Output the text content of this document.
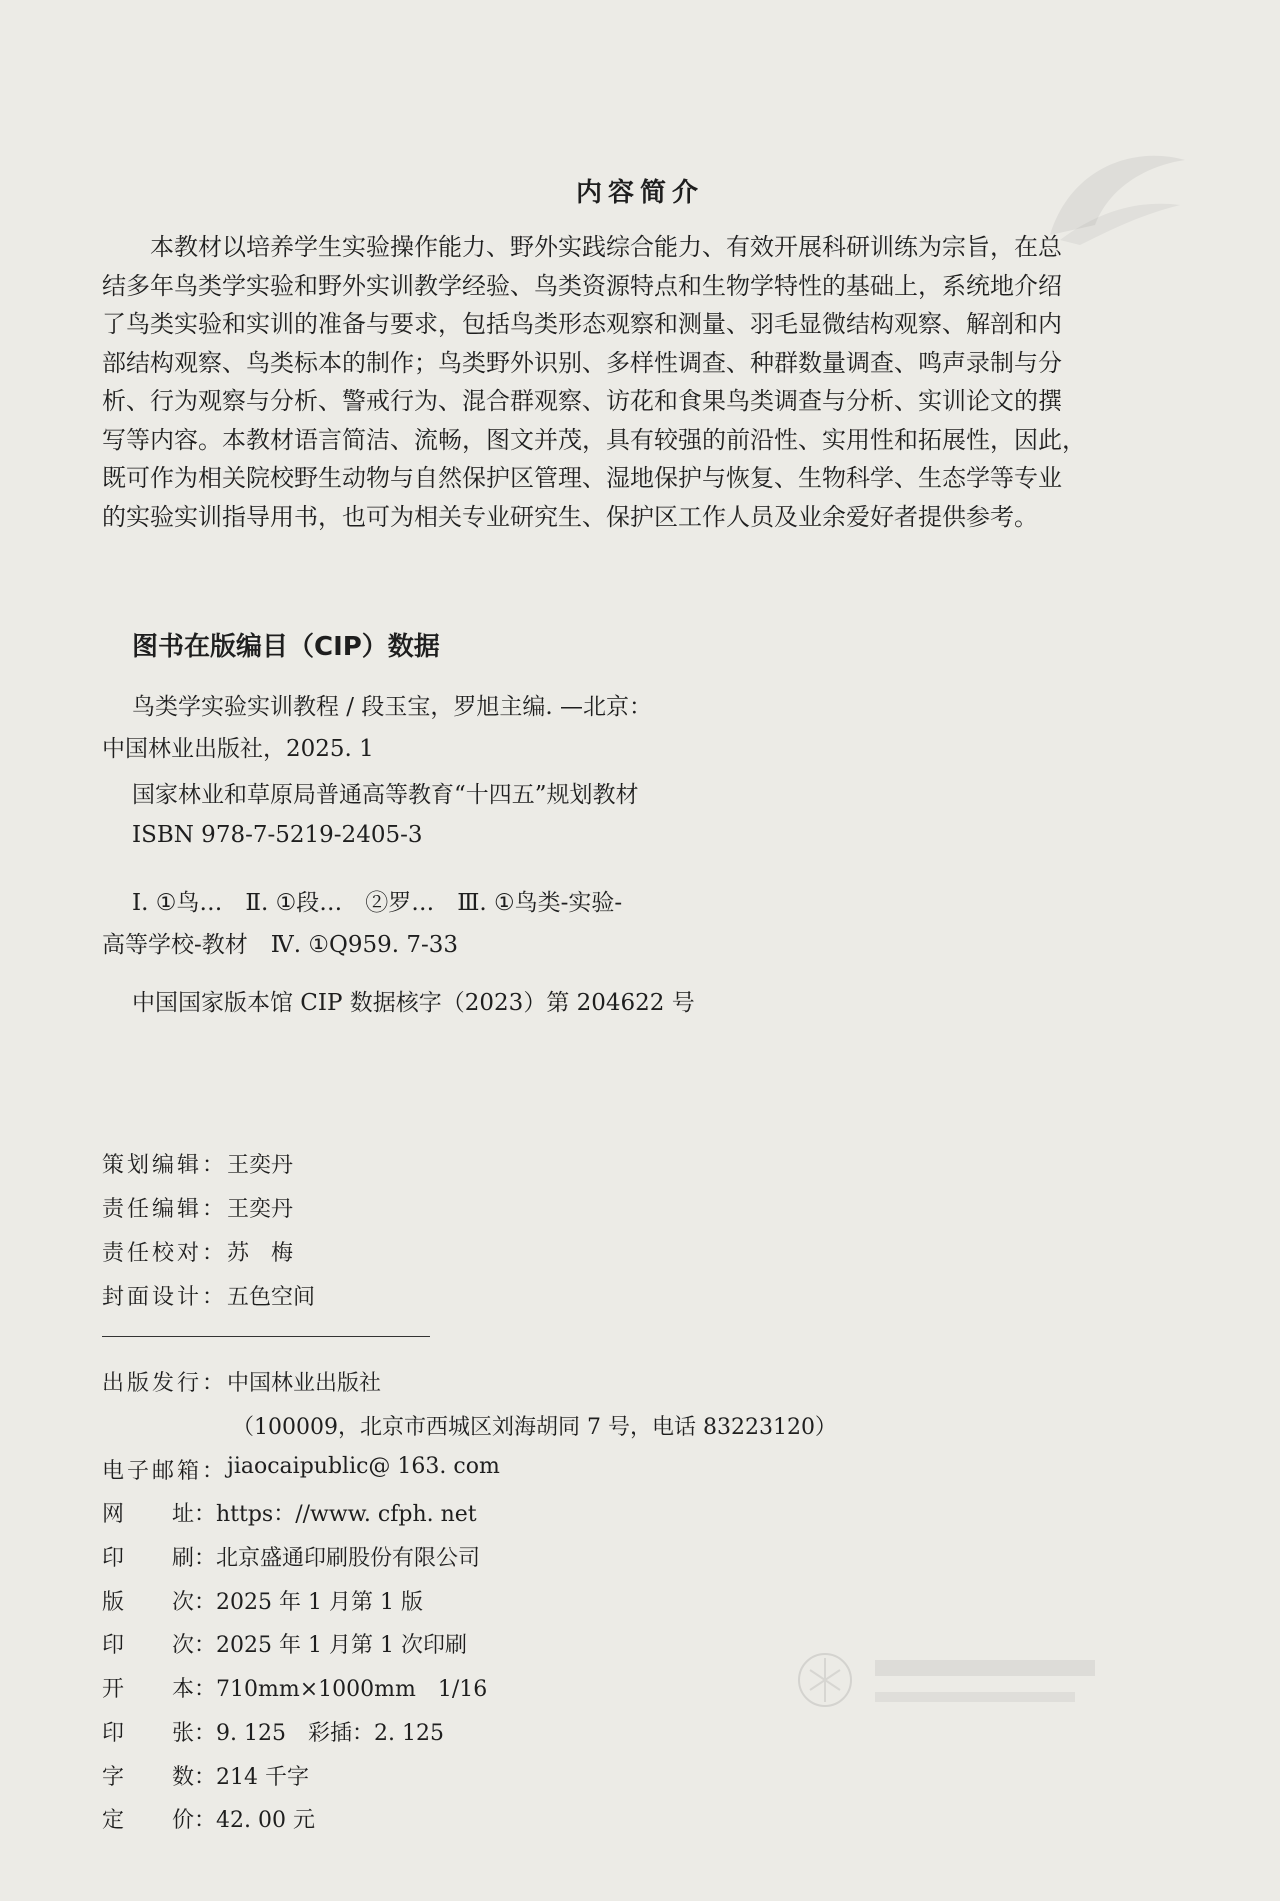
内容简介

本教材以培养学生实验操作能力、野外实践综合能力、有效开展科研训练为宗旨，在总
结多年鸟类学实验和野外实训教学经验、鸟类资源特点和生物学特性的基础上，系统地介绍
了鸟类实验和实训的准备与要求，包括鸟类形态观察和测量、羽毛显微结构观察、解剖和内
部结构观察、鸟类标本的制作；鸟类野外识别、多样性调查、种群数量调查、鸣声录制与分
析、行为观察与分析、警戒行为、混合群观察、访花和食果鸟类调查与分析、实训论文的撰
写等内容。本教材语言简洁、流畅，图文并茂，具有较强的前沿性、实用性和拓展性，因此，
既可作为相关院校野生动物与自然保护区管理、湿地保护与恢复、生物科学、生态学等专业
的实验实训指导用书，也可为相关专业研究生、保护区工作人员及业余爱好者提供参考。

图书在版编目（CIP）数据
鸟类学实验实训教程 / 段玉宝，罗旭主编. —北京：
中国林业出版社，2025. 1
国家林业和草原局普通高等教育“十四五”规划教材
ISBN 978-7-5219-2405-3
Ⅰ. ①鸟…　Ⅱ. ①段…　②罗…　Ⅲ. ①鸟类-实验-
高等学校-教材　Ⅳ. ①Q959. 7-33
中国国家版本馆 CIP 数据核字（2023）第 204622 号
策划编辑： 王奕丹
责任编辑： 王奕丹
责任校对： 苏　梅
封面设计： 五色空间
出版发行： 中国林业出版社
（100009，北京市西城区刘海胡同 7 号，电话 83223120）
电子邮箱： jiaocaipublic@ 163. com
网 址： https：//www. cfph. net
印 刷： 北京盛通印刷股份有限公司
版 次： 2025 年 1 月第 1 版
印 次： 2025 年 1 月第 1 次印刷
开 本： 710mm×1000mm　1/16
印 张： 9. 125　彩插：2. 125
字 数： 214 千字
定 价： 42. 00 元
